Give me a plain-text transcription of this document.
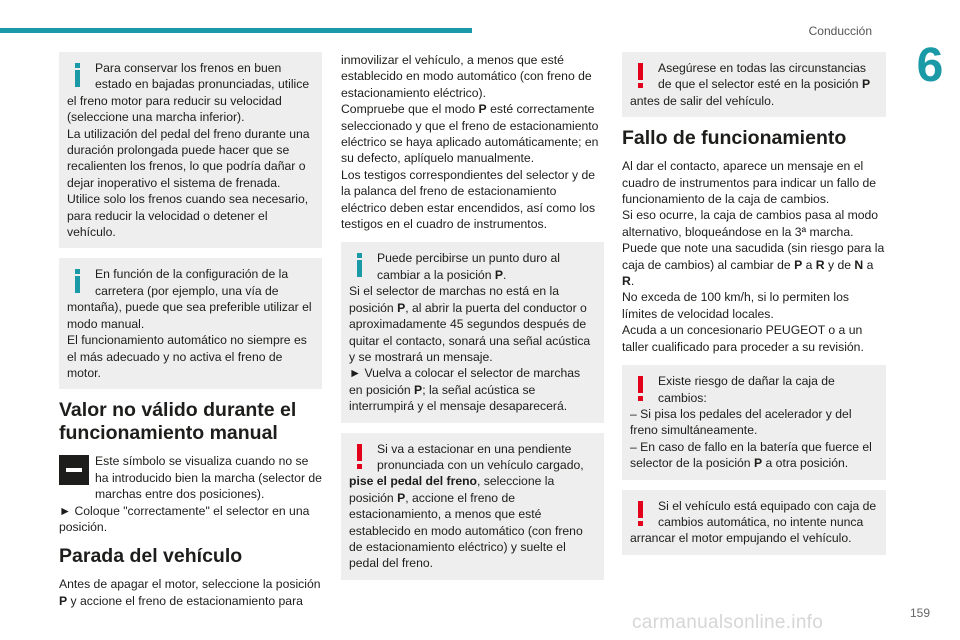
Conducción
6

Para conservar los frenos en buen estado en bajadas pronunciadas, utilice el freno motor para reducir su velocidad (seleccione una marcha inferior).

La utilización del pedal del freno durante una duración prolongada puede hacer que se recalienten los frenos, lo que podría dañar o dejar inoperativo el sistema de frenada.

Utilice solo los frenos cuando sea necesario, para reducir la velocidad o detener el vehículo.

En función de la configuración de la carretera (por ejemplo, una vía de montaña), puede que sea preferible utilizar el modo manual.

El funcionamiento automático no siempre es el más adecuado y no activa el freno de motor.

Valor no válido durante el funcionamiento manual

Este símbolo se visualiza cuando no se ha introducido bien la marcha (selector de marchas entre dos posiciones).

► Coloque "correctamente" el selector en una posición.

Parada del vehículo

Antes de apagar el motor, seleccione la posición P y accione el freno de estacionamiento para

inmovilizar el vehículo, a menos que esté establecido en modo automático (con freno de estacionamiento eléctrico).

Compruebe que el modo P esté correctamente seleccionado y que el freno de estacionamiento eléctrico se haya aplicado automáticamente; en su defecto, aplíquelo manualmente.

Los testigos correspondientes del selector y de la palanca del freno de estacionamiento eléctrico deben estar encendidos, así como los testigos en el cuadro de instrumentos.

Puede percibirse un punto duro al cambiar a la posición P.

Si el selector de marchas no está en la posición P, al abrir la puerta del conductor o aproximadamente 45 segundos después de quitar el contacto, sonará una señal acústica y se mostrará un mensaje.

► Vuelva a colocar el selector de marchas en posición P; la señal acústica se interrumpirá y el mensaje desaparecerá.

Si va a estacionar en una pendiente pronunciada con un vehículo cargado, pise el pedal del freno, seleccione la posición P, accione el freno de estacionamiento, a menos que esté establecido en modo automático (con freno de estacionamiento eléctrico) y suelte el pedal del freno.

Asegúrese en todas las circunstancias de que el selector esté en la posición P antes de salir del vehículo.

Fallo de funcionamiento

Al dar el contacto, aparece un mensaje en el cuadro de instrumentos para indicar un fallo de funcionamiento de la caja de cambios.

Si eso ocurre, la caja de cambios pasa al modo alternativo, bloqueándose en la 3ª marcha.

Puede que note una sacudida (sin riesgo para la caja de cambios) al cambiar de P a R y de N a R.

No exceda de 100 km/h, si lo permiten los límites de velocidad locales.

Acuda a un concesionario PEUGEOT o a un taller cualificado para proceder a su revisión.

Existe riesgo de dañar la caja de cambios:

– Si pisa los pedales del acelerador y del freno simultáneamente.

– En caso de fallo en la batería que fuerce el selector de la posición P a otra posición.

Si el vehículo está equipado con caja de cambios automática, no intente nunca arrancar el motor empujando el vehículo.

159
carmanualsonline.info
